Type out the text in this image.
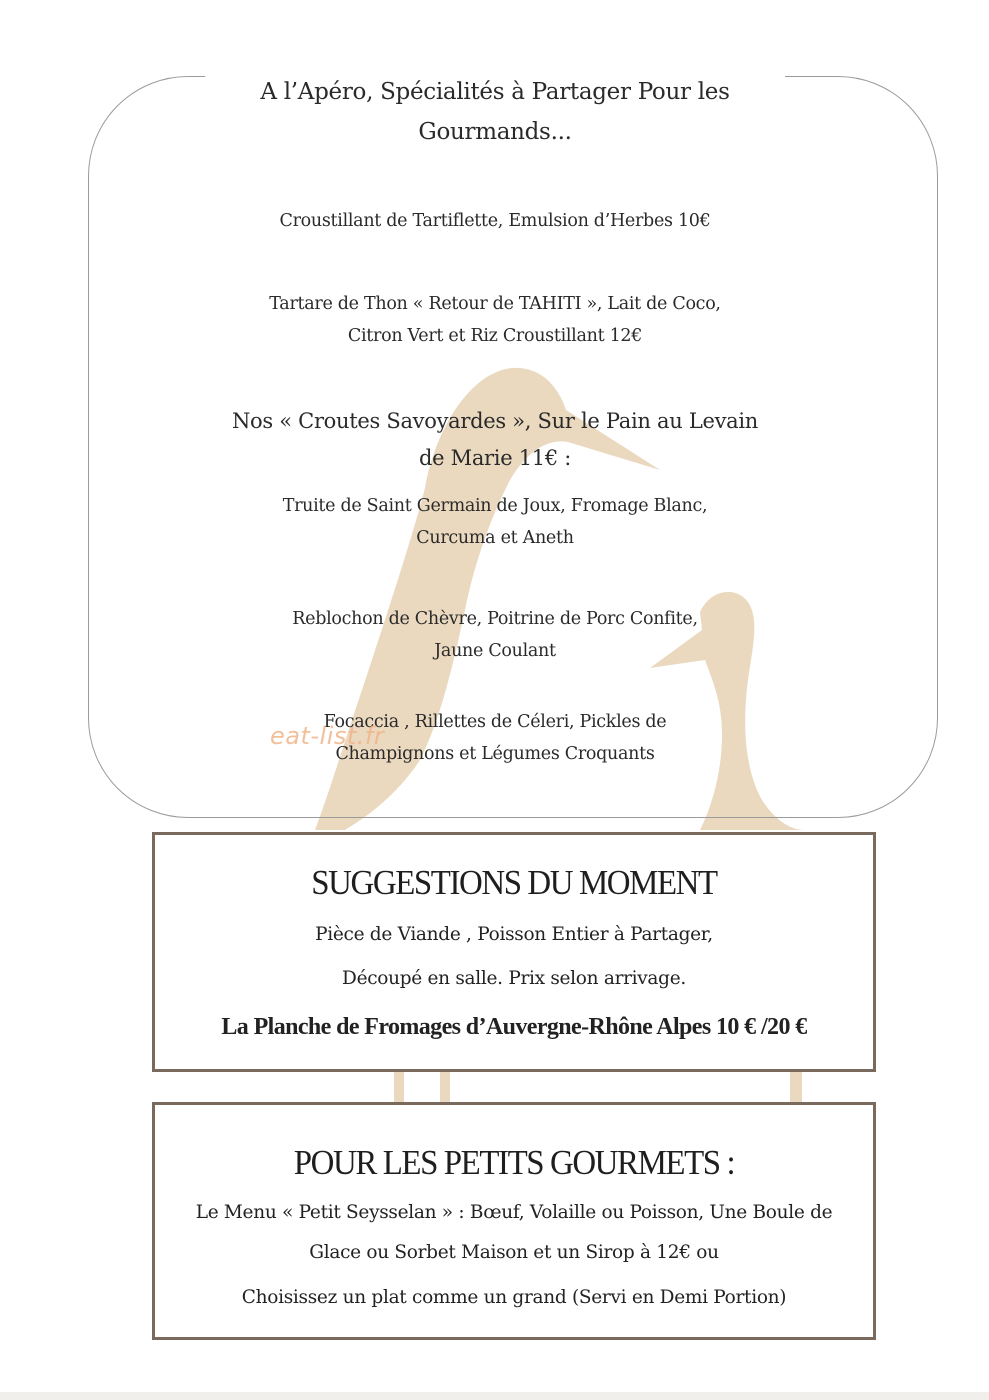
A l’Apéro, Spécialités à Partager Pour les
Gourmands...
Croustillant de Tartiflette, Emulsion d’Herbes 10€
Tartare de Thon « Retour de TAHITI », Lait de Coco,
Citron Vert et Riz Croustillant 12€
Nos « Croutes Savoyardes », Sur le Pain au Levain
de Marie 11€ :
Truite de Saint Germain de Joux, Fromage Blanc,
Curcuma et Aneth
Reblochon de Chèvre, Poitrine de Porc Confite,
Jaune Coulant
Focaccia , Rillettes de Céleri, Pickles de
Champignons et Légumes Croquants
eat-list.fr
SUGGESTIONS DU MOMENT
Pièce de Viande , Poisson Entier à Partager,
Découpé en salle. Prix selon arrivage.
La Planche de Fromages d’Auvergne-Rhône Alpes 10 € /20 €
POUR LES PETITS GOURMETS :
Le Menu « Petit Seysselan » : Bœuf, Volaille ou Poisson, Une Boule de
Glace ou Sorbet Maison et un Sirop à 12€ ou
Choisissez un plat comme un grand (Servi en Demi Portion)
